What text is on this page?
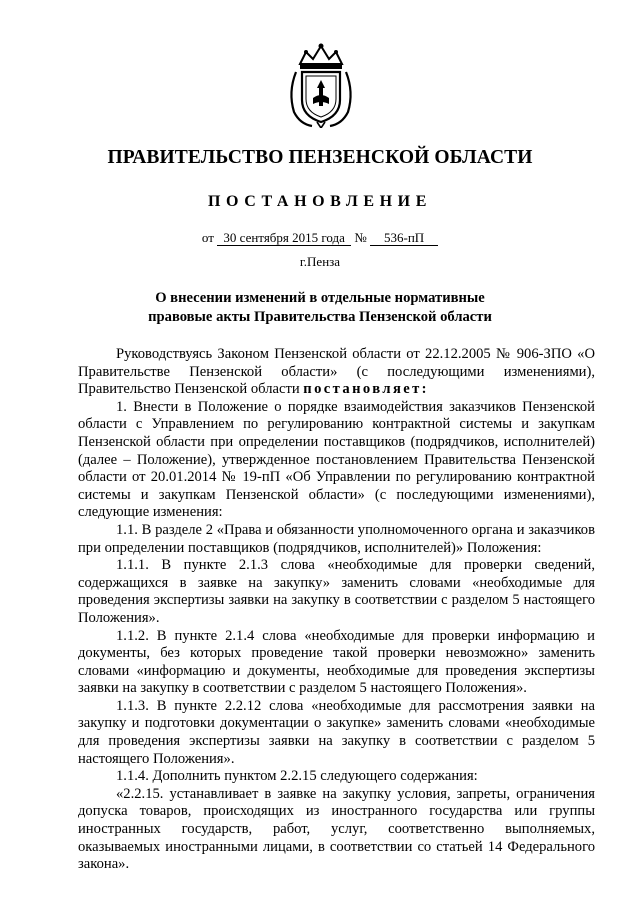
ПРАВИТЕЛЬСТВО ПЕНЗЕНСКОЙ ОБЛАСТИ
ПОСТАНОВЛЕНИЕ
от 30 сентября 2015 года № 536-пП
г.Пенза
О внесении изменений в отдельные нормативные
правовые акты Правительства Пензенской области

Руководствуясь Законом Пензенской области от 22.12.2005 № 906-ЗПО «О Правительстве Пензенской области» (с последующими изменениями), Правительство Пензенской области постановляет:

1. Внести в Положение о порядке взаимодействия заказчиков Пензенской области с Управлением по регулированию контрактной системы и закупкам Пензенской области при определении поставщиков (подрядчиков, исполнителей) (далее – Положение), утвержденное постановлением Правительства Пензенской области от 20.01.2014 № 19-пП «Об Управлении по регулированию контрактной системы и закупкам Пензенской области» (с последующими изменениями), следующие изменения:

1.1. В разделе 2 «Права и обязанности уполномоченного органа и заказчиков при определении поставщиков (подрядчиков, исполнителей)» Положения:

1.1.1. В пункте 2.1.3 слова «необходимые для проверки сведений, содержащихся в заявке на закупку» заменить словами «необходимые для проведения экспертизы заявки на закупку в соответствии с разделом 5 настоящего Положения».

1.1.2. В пункте 2.1.4 слова «необходимые для проверки информацию и документы, без которых проведение такой проверки невозможно» заменить словами «информацию и документы, необходимые для проведения экспертизы заявки на закупку в соответствии с разделом 5 настоящего Положения».

1.1.3. В пункте 2.2.12 слова «необходимые для рассмотрения заявки на закупку и подготовки документации о закупке» заменить словами «необходимые для проведения экспертизы заявки на закупку в соответствии с разделом 5 настоящего Положения».

1.1.4. Дополнить пунктом 2.2.15 следующего содержания:

«2.2.15. устанавливает в заявке на закупку условия, запреты, ограничения допуска товаров, происходящих из иностранного государства или группы иностранных государств, работ, услуг, соответственно выполняемых, оказываемых иностранными лицами, в соответствии со статьей 14 Федерального закона».
